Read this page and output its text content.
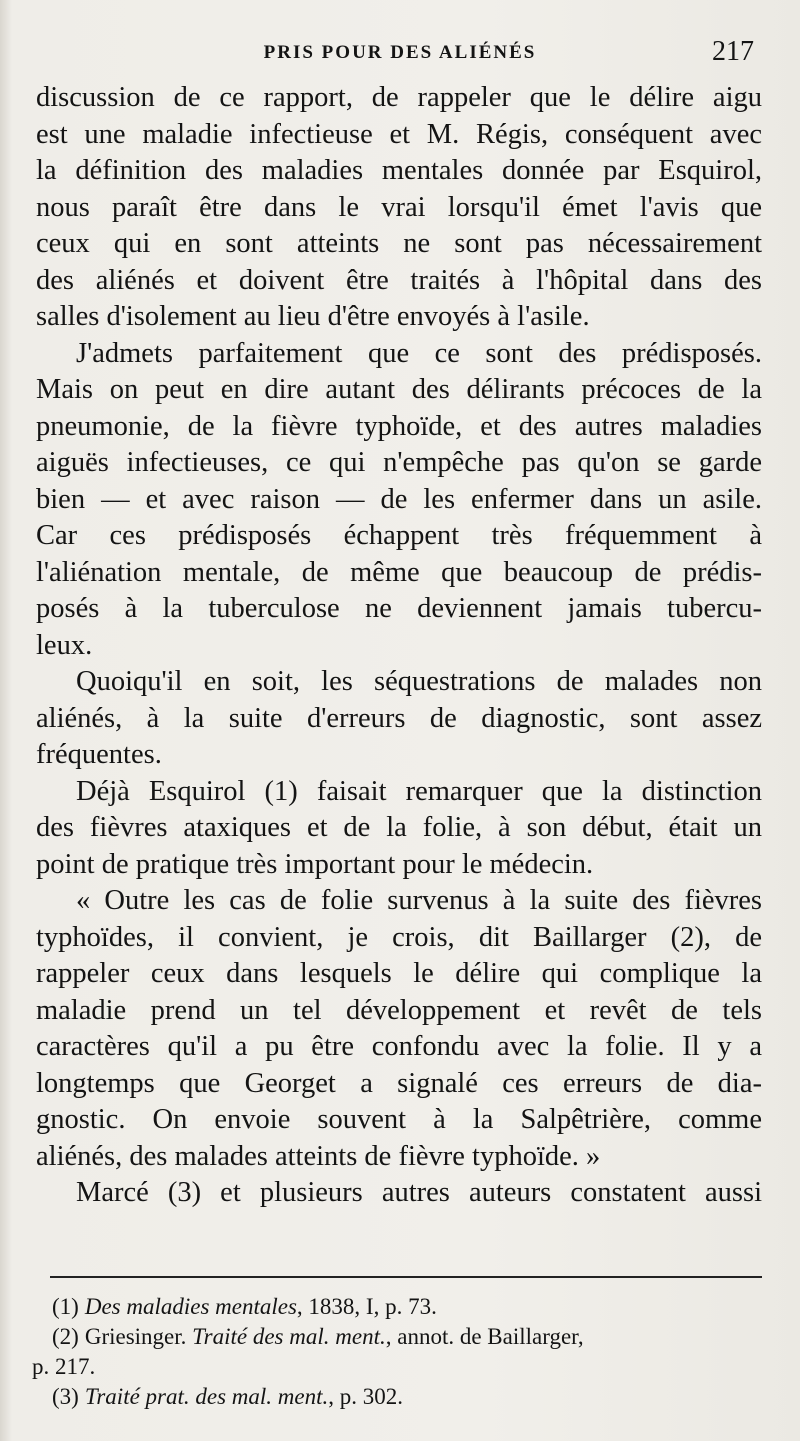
PRIS POUR DES ALIÉNÉS	217
discussion de ce rapport, de rappeler que le délire aigu
est une maladie infectieuse et M. Régis, conséquent avec
la définition des maladies mentales donnée par Esquirol,
nous paraît être dans le vrai lorsqu'il émet l'avis que
ceux qui en sont atteints ne sont pas nécessairement
des aliénés et doivent être traités à l'hôpital dans des
salles d'isolement au lieu d'être envoyés à l'asile.
J'admets parfaitement que ce sont des prédisposés.
Mais on peut en dire autant des délirants précoces de la
pneumonie, de la fièvre typhoïde, et des autres maladies
aiguës infectieuses, ce qui n'empêche pas qu'on se garde
bien — et avec raison — de les enfermer dans un asile.
Car ces prédisposés échappent très fréquemment à
l'aliénation mentale, de même que beaucoup de prédis-
posés à la tuberculose ne deviennent jamais tubercu-
leux.
Quoiqu'il en soit, les séquestrations de malades non
aliénés, à la suite d'erreurs de diagnostic, sont assez
fréquentes.
Déjà Esquirol (1) faisait remarquer que la distinction
des fièvres ataxiques et de la folie, à son début, était un
point de pratique très important pour le médecin.
« Outre les cas de folie survenus à la suite des fièvres
typhoïdes, il convient, je crois, dit Baillarger (2), de
rappeler ceux dans lesquels le délire qui complique la
maladie prend un tel développement et revêt de tels
caractères qu'il a pu être confondu avec la folie. Il y a
longtemps que Georget a signalé ces erreurs de dia-
gnostic. On envoie souvent à la Salpêtrière, comme
aliénés, des malades atteints de fièvre typhoïde. »
Marcé (3) et plusieurs autres auteurs constatent aussi
(1) Des maladies mentales, 1838, I, p. 73.
(2) Griesinger. Traité des mal. ment., annot. de Baillarger,
p. 217.
(3) Traité prat. des mal. ment., p. 302.
